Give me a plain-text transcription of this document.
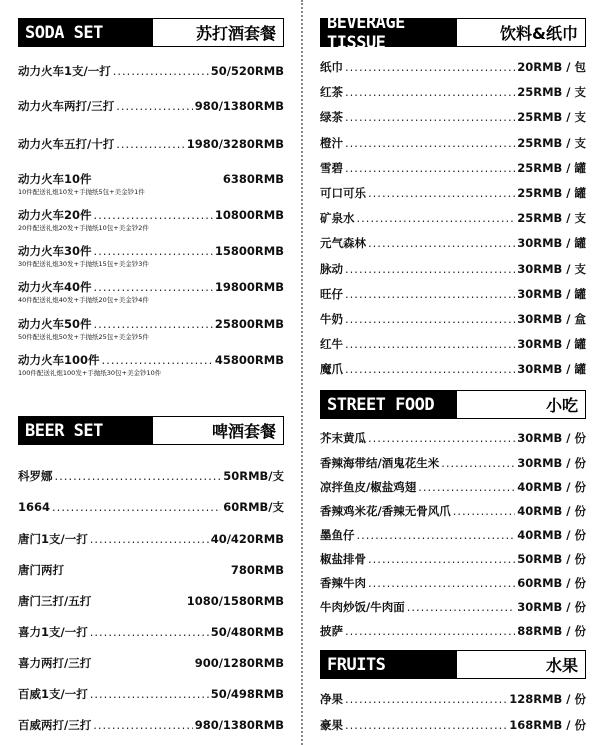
SODA SET	苏打酒套餐
动力火车1支/一打 .....	50/520RMB
动力火车两打/三打 .....	980/1380RMB
动力火车五打/十打 .....	1980/3280RMB
动力火车10件	6380RMB
10件配送礼炮10发+手抛纸5包+美金钞1件
动力火车20件 .....	10800RMB
20件配送礼炮20发+手抛纸10包+美金钞2件
动力火车30件 .....	15800RMB
30件配送礼炮30发+手抛纸15包+美金钞3件
动力火车40件 .....	19800RMB
40件配送礼炮40发+手抛纸20包+美金钞4件
动力火车50件 .....	25800RMB
50件配送礼炮50发+手抛纸25包+美金钞5件
动力火车100件 .....	45800RMB
100件配送礼炮100发+手抛纸30包+美金钞10件
BEER SET	啤酒套餐
科罗娜 .....	50RMB/支
1664 .....	60RMB/支
唐门1支/一打 .....	40/420RMB
唐门两打	780RMB
唐门三打/五打	1080/1580RMB
喜力1支/一打 .....	50/480RMB
喜力两打/三打	900/1280RMB
百威1支/一打 .....	50/498RMB
百威两打/三打 .....	980/1380RMB
BEVERAGE TISSUE	饮料&纸巾
纸巾 .....	20RMB / 包
红茶 .....	25RMB / 支
绿茶 .....	25RMB / 支
橙汁 .....	25RMB / 支
雪碧 .....	25RMB / 罐
可口可乐 .....	25RMB / 罐
矿泉水 .....	25RMB / 支
元气森林 .....	30RMB / 罐
脉动 .....	30RMB / 支
旺仔 .....	30RMB / 罐
牛奶 .....	30RMB / 盒
红牛 .....	30RMB / 罐
魔爪 .....	30RMB / 罐
STREET FOOD	小吃
芥末黄瓜 .....	30RMB / 份
香辣海带结/酒鬼花生米 .....	30RMB / 份
凉拌鱼皮/椒盐鸡翅 .....	40RMB / 份
香辣鸡米花/香辣无骨风爪 .....	40RMB / 份
墨鱼仔 .....	40RMB / 份
椒盐排骨 .....	50RMB / 份
香辣牛肉 .....	60RMB / 份
牛肉炒饭/牛肉面 .....	30RMB / 份
披萨 .....	88RMB / 份
FRUITS	水果
净果 .....	128RMB / 份
豪果 .....	168RMB / 份
